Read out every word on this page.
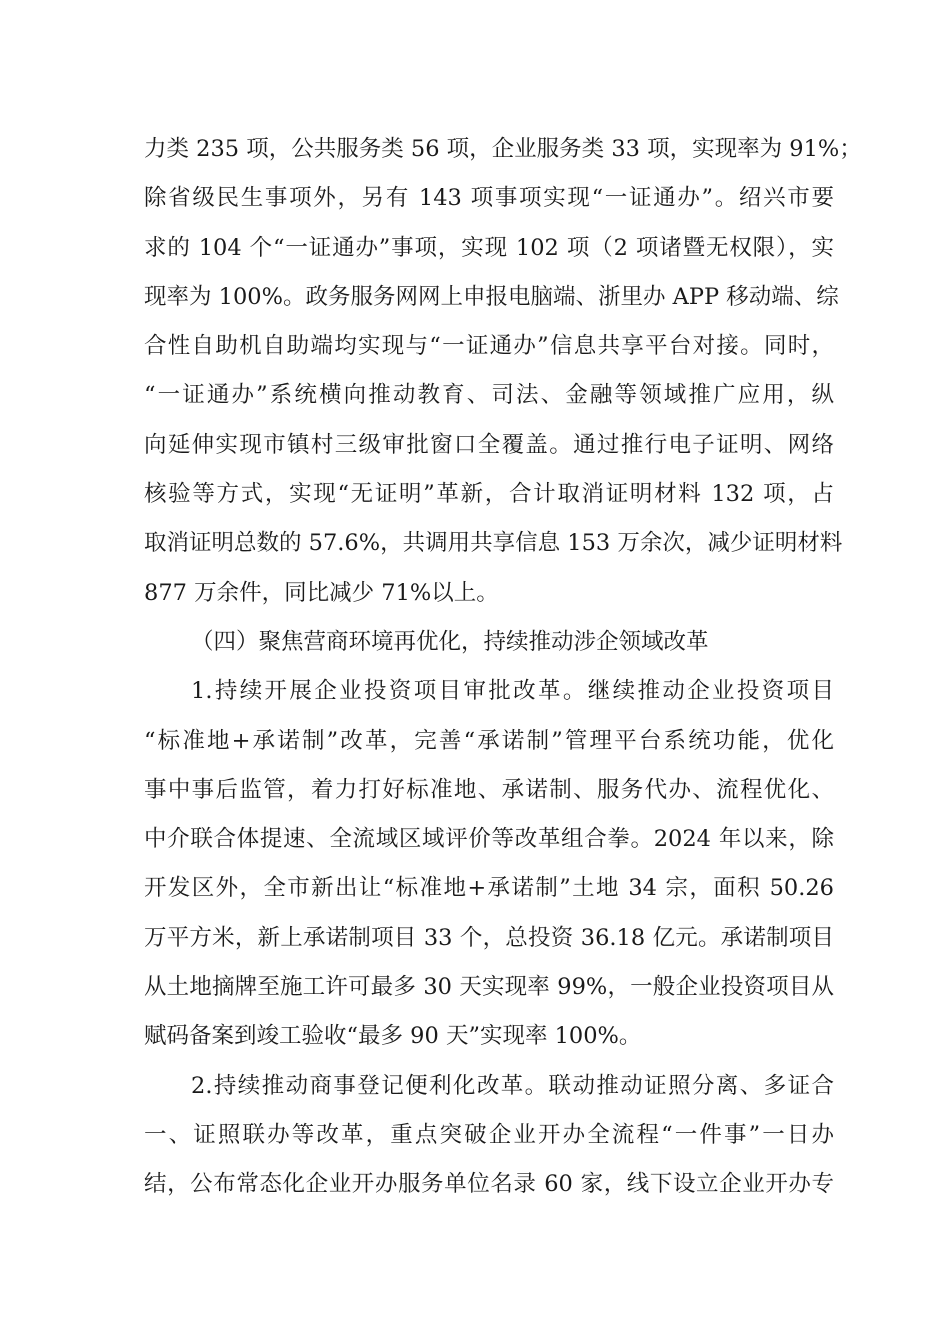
力类 235 项，公共服务类 56 项，企业服务类 33 项，实现率为 91%；
除省级民生事项外，另有 143 项事项实现“一证通办”。绍兴市要
求的 104 个“一证通办”事项，实现 102 项（2 项诸暨无权限），实
现率为 100%。政务服务网网上申报电脑端、浙里办 APP 移动端、综
合性自助机自助端均实现与“一证通办”信息共享平台对接。同时，
“一证通办”系统横向推动教育、司法、金融等领域推广应用，纵
向延伸实现市镇村三级审批窗口全覆盖。通过推行电子证明、网络
核验等方式，实现“无证明”革新，合计取消证明材料 132 项，占
取消证明总数的 57.6%，共调用共享信息 153 万余次，减少证明材料
877 万余件，同比减少 71%以上。
（四）聚焦营商环境再优化，持续推动涉企领域改革
1.持续开展企业投资项目审批改革。继续推动企业投资项目
“标准地+承诺制”改革，完善“承诺制”管理平台系统功能，优化
事中事后监管，着力打好标准地、承诺制、服务代办、流程优化、
中介联合体提速、全流域区域评价等改革组合拳。2024 年以来，除
开发区外，全市新出让“标准地+承诺制”土地 34 宗，面积 50.26
万平方米，新上承诺制项目 33 个，总投资 36.18 亿元。承诺制项目
从土地摘牌至施工许可最多 30 天实现率 99%，一般企业投资项目从
赋码备案到竣工验收“最多 90 天”实现率 100%。
2.持续推动商事登记便利化改革。联动推动证照分离、多证合
一、证照联办等改革，重点突破企业开办全流程“一件事”一日办
结，公布常态化企业开办服务单位名录 60 家，线下设立企业开办专
